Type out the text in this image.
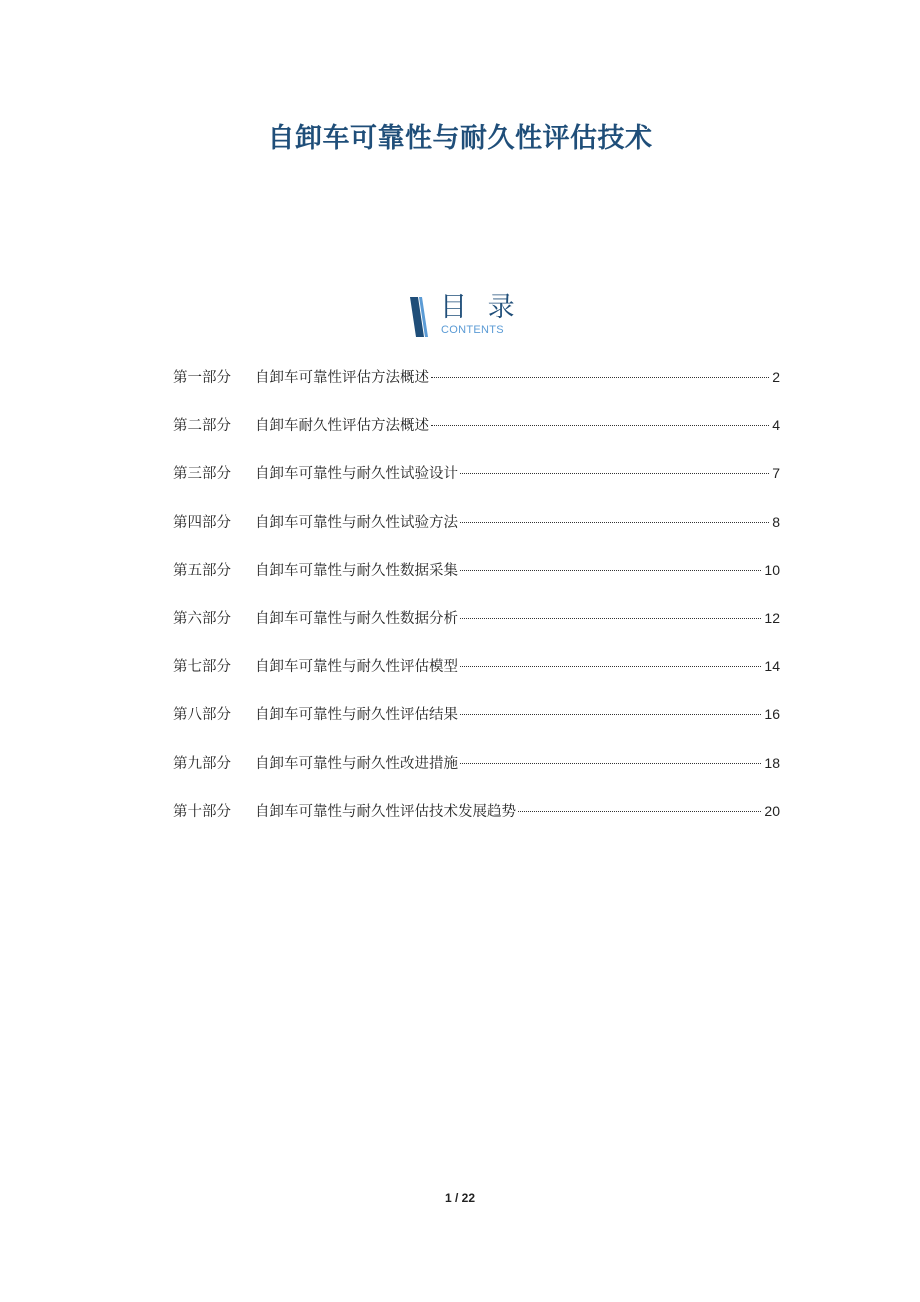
自卸车可靠性与耐久性评估技术
目 录
CONTENTS
第一部分	自卸车可靠性评估方法概述	2
第二部分	自卸车耐久性评估方法概述	4
第三部分	自卸车可靠性与耐久性试验设计	7
第四部分	自卸车可靠性与耐久性试验方法	8
第五部分	自卸车可靠性与耐久性数据采集	10
第六部分	自卸车可靠性与耐久性数据分析	12
第七部分	自卸车可靠性与耐久性评估模型	14
第八部分	自卸车可靠性与耐久性评估结果	16
第九部分	自卸车可靠性与耐久性改进措施	18
第十部分	自卸车可靠性与耐久性评估技术发展趋势	20
1 / 22
